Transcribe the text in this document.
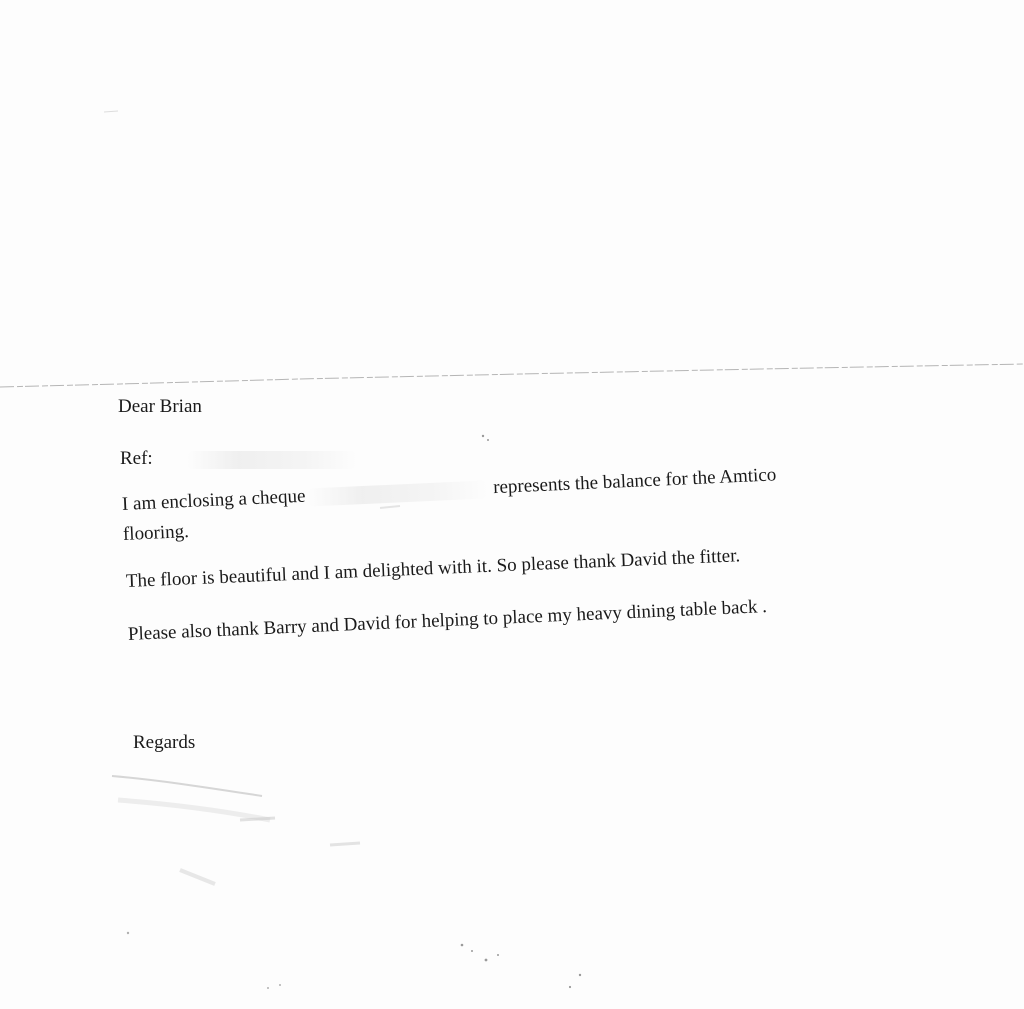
Dear Brian
Ref:
I am enclosing a chequerepresents the balance for the Amtico
flooring.
The floor is beautiful and I am delighted with it. So please thank David the fitter.
Please also thank Barry and David for helping to place my heavy dining table back .
Regards
